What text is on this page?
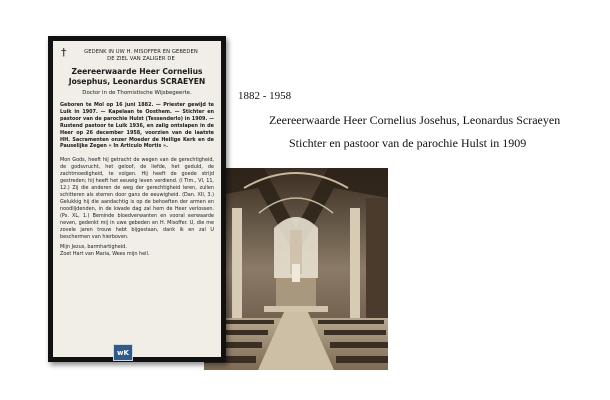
†	GEDENK IN UW H. MISOFFER EN GEBEDEN
DE ZIEL VAN ZALIGER DE
Zeereerwaarde Heer Cornelius
Josephus, Leonardus SCRAEYEN
Doctor in de Thomistische Wijsbegeerte.
Geboren te Mol op 16 juni 1882. — Priester gewijd te Luik in 1907. — Kapelaan te Oosthem. — Stichter en pastoor van de parochie Hulst (Tessenderlo) in 1909. — Rustend pastoor te Luik 1936, en zalig ontslapen in de Heer op 26 december 1958, voorzien van de laatste HH. Sacramenten onzer Moeder de Heilige Kerk en de Pauselijke Zegen « In Articulo Mortis ».
Mon Gods, heeft hij getracht de wegen van de gerechtigheid, de godsvrucht, het geloof, de liefde, het geduld, de zachtmoedigheid, te volgen. Hij heeft de goede strijd gestreden; hij heeft het eeuwig leven verdiend. (I Tim., VI, 11, 12.) Zij die anderen de weg der gerechtigheid leren, zullen schitteren als sterren door gans de eeuwigheid. (Dan. XII, 3.) Gelukkig hij die aandachtig is op de behoeften der armen en noodlijdenden, in de kwade dag zal hem de Heer verlossen. (Ps. XL, 1.) Beminde bloedverwanten en vooral eerwaarde neven, gedenkt mij in uwe gebeden en H. Misoffer. U, die me zovele jaren trouw hebt bijgestaan, dank ik en zal U beschermen van hierboven.
Mijn Jezus, barmhartigheid.
Zoet Hart van Maria, Wees mijn heil.
wK
1882 - 1958
Zeereerwaarde Heer Cornelius Josehus, Leonardus Scraeyen
Stichter en pastoor van de parochie Hulst in 1909
